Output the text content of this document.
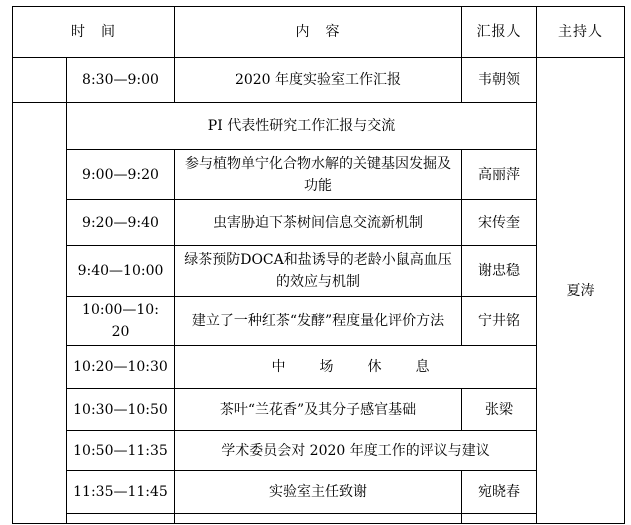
时　间		内　容	汇报人	主持人
	8:30—9:00	2020 年度实验室工作汇报	韦朝领	夏涛
	PI 代表性研究工作汇报与交流			
	9:00—9:20	参与植物单宁化合物水解的关键基因发掘及功能	高丽萍	
	9:20—9:40	虫害胁迫下茶树间信息交流新机制	宋传奎	
	9:40—10:00	绿茶预防DOCA和盐诱导的老龄小鼠高血压的效应与机制	谢忠稳	
	10:00—10: 20	建立了一种红茶“发酵”程度量化评价方法	宁井铭	
	10:20—10:30	中　场　休　息		
	10:30—10:50	茶叶“兰花香”及其分子感官基础	张梁	
	10:50—11:35	学术委员会对 2020 年度工作的评议与建议		
	11:35—11:45	实验室主任致谢	宛晓春	
